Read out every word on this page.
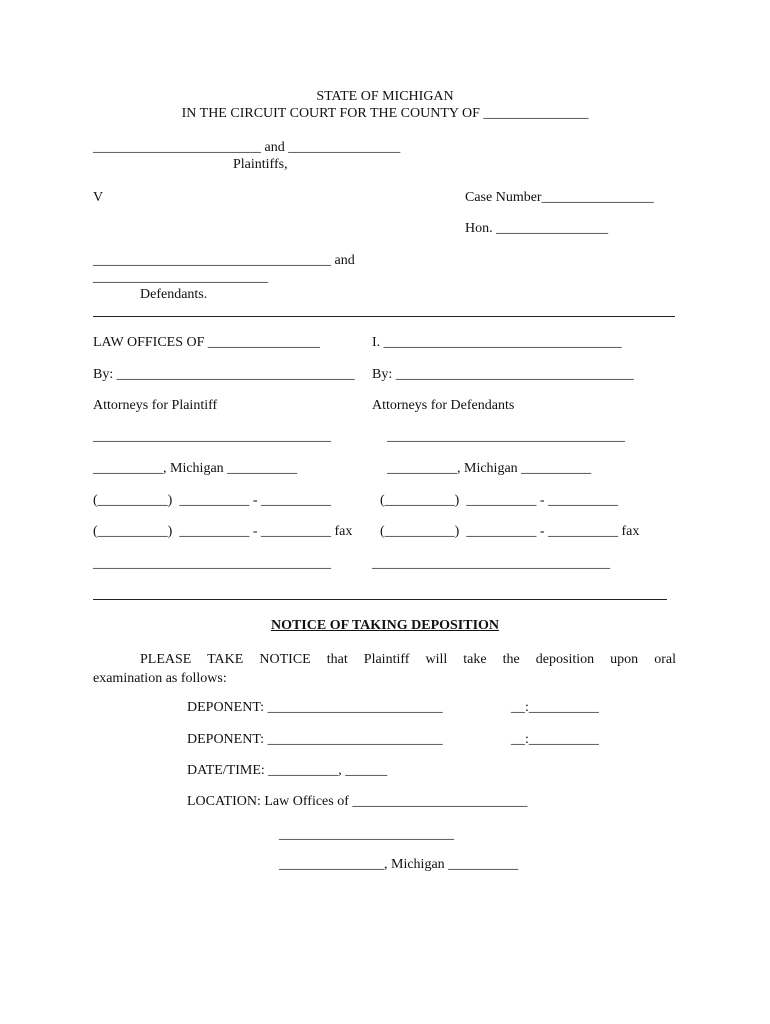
STATE OF MICHIGAN
IN THE CIRCUIT COURT FOR THE COUNTY OF _______________
________________________ and ________________
Plaintiffs,
V	Case Number________________
Hon. ________________
__________________________________ and
_________________________
Defendants.
LAW OFFICES OF ________________
By: __________________________________
Attorneys for Plaintiff
__________________________________
__________, Michigan __________
(__________)  __________ - __________
(__________)  __________ - __________ fax
__________________________________
I. __________________________________
By: __________________________________
Attorneys for Defendants
__________________________________
__________, Michigan __________
(__________)  __________ - __________
(__________)  __________ - __________ fax
__________________________________
NOTICE OF TAKING DEPOSITION
PLEASE TAKE NOTICE that Plaintiff will take the deposition upon oral
examination as follows:
DEPONENT: _________________________	__:__________
DEPONENT: _________________________	__:__________
DATE/TIME: __________, ______
LOCATION: Law Offices of _________________________
_________________________
_______________, Michigan __________
